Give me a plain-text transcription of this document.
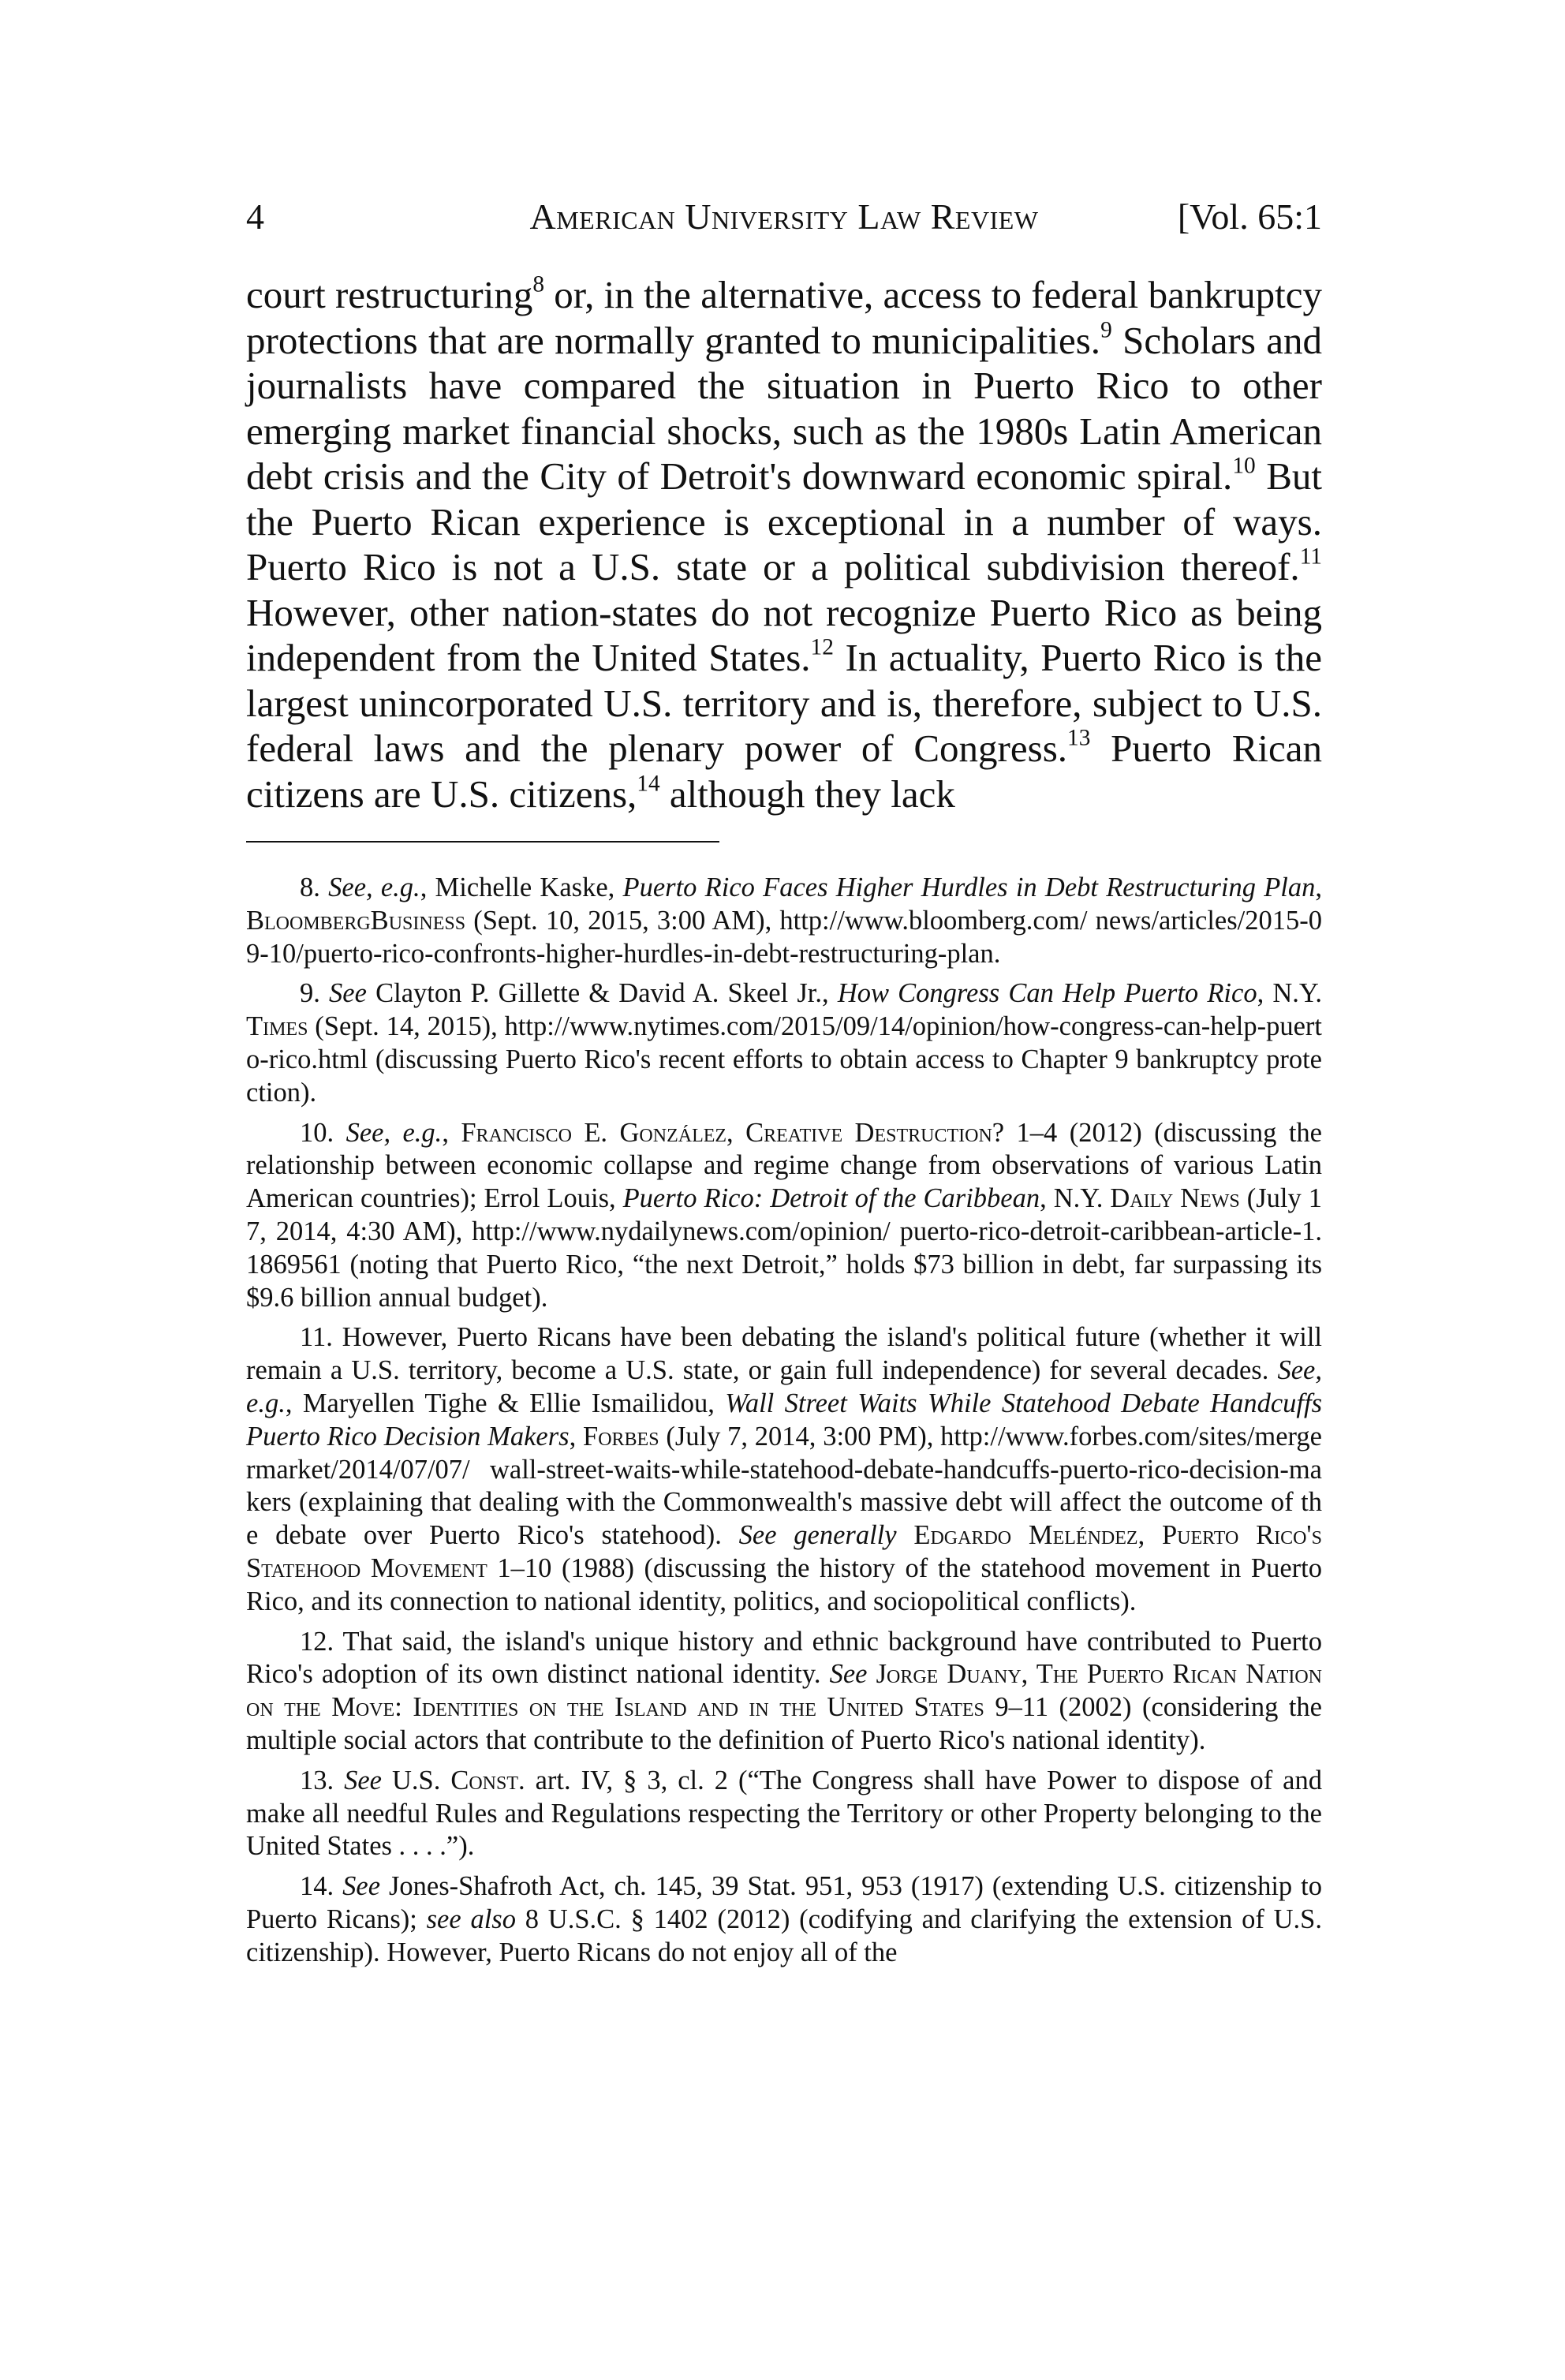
4	American University Law Review	[Vol. 65:1

court restructuring$^8$ or, in the alternative, access to federal bankruptcy protections that are normally granted to municipalities.$^9$ Scholars and journalists have compared the situation in Puerto Rico to other emerging market financial shocks, such as the 1980s Latin American debt crisis and the City of Detroit's downward economic spiral.$^{10}$ But the Puerto Rican experience is exceptional in a number of ways. Puerto Rico is not a U.S. state or a political subdivision thereof.$^{11}$ However, other nation-states do not recognize Puerto Rico as being independent from the United States.$^{12}$ In actuality, Puerto Rico is the largest unincorporated U.S. territory and is, therefore, subject to U.S. federal laws and the plenary power of Congress.$^{13}$ Puerto Rican citizens are U.S. citizens,$^{14}$ although they lack

8. See, e.g., Michelle Kaske, Puerto Rico Faces Higher Hurdles in Debt Restructuring Plan, BloombergBusiness (Sept. 10, 2015, 3:00 AM), http://www.bloomberg.com/ news/articles/2015-09-10/puerto-rico-confronts-higher-hurdles-in-debt-restructuring-plan.

9. See Clayton P. Gillette & David A. Skeel Jr., How Congress Can Help Puerto Rico, N.Y. Times (Sept. 14, 2015), http://www.nytimes.com/2015/09/14/opinion/how-congress-can-help-puerto-rico.html (discussing Puerto Rico's recent efforts to obtain access to Chapter 9 bankruptcy protection).

10. See, e.g., Francisco E. González, Creative Destruction? 1–4 (2012) (discussing the relationship between economic collapse and regime change from observations of various Latin American countries); Errol Louis, Puerto Rico: Detroit of the Caribbean, N.Y. Daily News (July 17, 2014, 4:30 AM), http://www.nydailynews.com/opinion/ puerto-rico-detroit-caribbean-article-1.1869561 (noting that Puerto Rico, “the next Detroit,” holds $73 billion in debt, far surpassing its $9.6 billion annual budget).

11. However, Puerto Ricans have been debating the island's political future (whether it will remain a U.S. territory, become a U.S. state, or gain full independence) for several decades. See, e.g., Maryellen Tighe & Ellie Ismailidou, Wall Street Waits While Statehood Debate Handcuffs Puerto Rico Decision Makers, Forbes (July 7, 2014, 3:00 PM), http://www.forbes.com/sites/mergermarket/2014/07/07/ wall-street-waits-while-statehood-debate-handcuffs-puerto-rico-decision-makers (explaining that dealing with the Commonwealth's massive debt will affect the outcome of the debate over Puerto Rico's statehood). See generally Edgardo Meléndez, Puerto Rico's Statehood Movement 1–10 (1988) (discussing the history of the statehood movement in Puerto Rico, and its connection to national identity, politics, and sociopolitical conflicts).

12. That said, the island's unique history and ethnic background have contributed to Puerto Rico's adoption of its own distinct national identity. See Jorge Duany, The Puerto Rican Nation on the Move: Identities on the Island and in the United States 9–11 (2002) (considering the multiple social actors that contribute to the definition of Puerto Rico's national identity).

13. See U.S. Const. art. IV, § 3, cl. 2 (“The Congress shall have Power to dispose of and make all needful Rules and Regulations respecting the Territory or other Property belonging to the United States . . . .”).

14. See Jones-Shafroth Act, ch. 145, 39 Stat. 951, 953 (1917) (extending U.S. citizenship to Puerto Ricans); see also 8 U.S.C. § 1402 (2012) (codifying and clarifying the extension of U.S. citizenship). However, Puerto Ricans do not enjoy all of the
